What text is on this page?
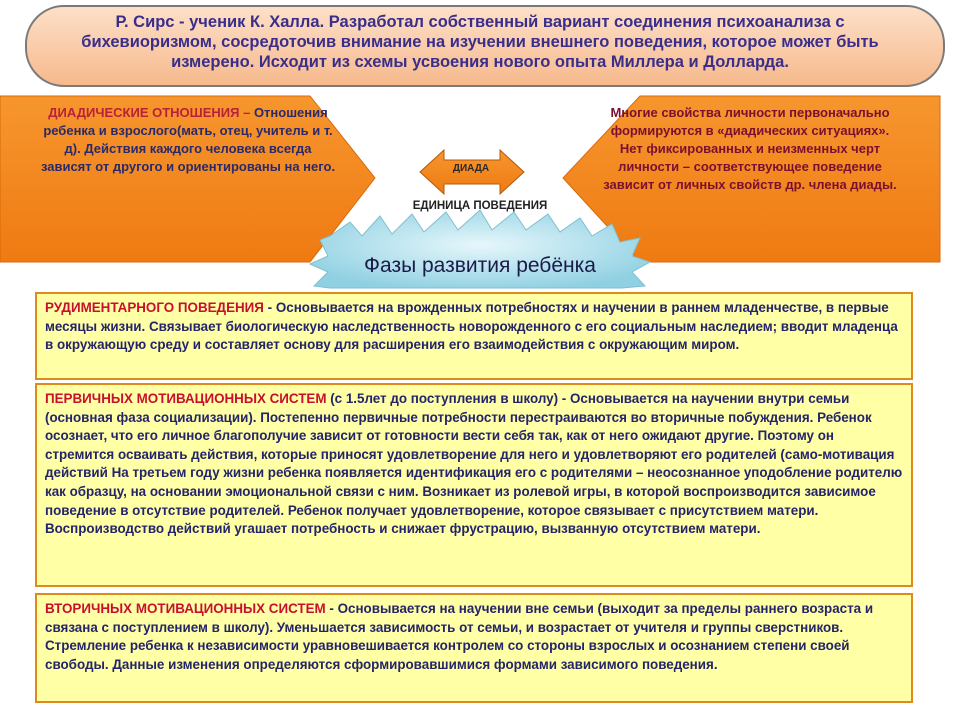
Р. Сирс - ученик К. Халла. Разработал собственный вариант соединения психоанализа с бихевиоризмом, сосредоточив внимание на изучении внешнего поведения, которое может быть измерено. Исходит из схемы усвоения нового опыта Миллера и Долларда.
ДИАДИЧЕСКИЕ ОТНОШЕНИЯ – Отношения ребенка и взрослого(мать, отец, учитель и т. д). Действия каждого человека всегда зависят от другого и ориентированы на него.
Многие свойства личности первоначально формируются в «диадических ситуациях». Нет фиксированных и неизменных черт личности – соответствующее поведение зависит от личных свойств др. члена диады.
ДИАДА
ЕДИНИЦА ПОВЕДЕНИЯ
Фазы развития ребёнка
РУДИМЕНТАРНОГО ПОВЕДЕНИЯ - Основывается на врожденных потребностях и научении в раннем младенчестве, в первые месяцы жизни. Связывает биологическую наследственность новорожденного с его социальным наследием; вводит младенца в окружающую среду и составляет основу для расширения его взаимодействия с окружающим миром.
ПЕРВИЧНЫХ МОТИВАЦИОННЫХ СИСТЕМ (с 1.5лет до поступления в школу) - Основывается на научении внутри семьи (основная фаза социализации). Постепенно первичные потребности перестраиваются во вторичные побуждения. Ребенок осознает, что его личное благополучие зависит от готовности вести себя так, как от него ожидают другие. Поэтому он стремится осваивать действия, которые приносят удовлетворение для него и удовлетворяют его родителей (само-мотивация действий На третьем году жизни ребенка появляется идентификация его с родителями – неосознанное уподобление родителю как образцу, на основании эмоциональной связи с ним. Возникает из ролевой игры, в которой воспроизводится зависимое поведение в отсутствие родителей. Ребенок получает удовлетворение, которое связывает с присутствием матери. Воспроизводство действий угашает потребность и снижает фрустрацию, вызванную отсутствием матери.
ВТОРИЧНЫХ МОТИВАЦИОННЫХ СИСТЕМ - Основывается на научении вне семьи (выходит за пределы раннего возраста и связана с поступлением в школу). Уменьшается зависимость от семьи, и возрастает от учителя и группы сверстников. Стремление ребенка к независимости уравновешивается контролем со стороны взрослых и осознанием степени своей свободы. Данные изменения определяются сформировавшимися формами зависимого поведения.
